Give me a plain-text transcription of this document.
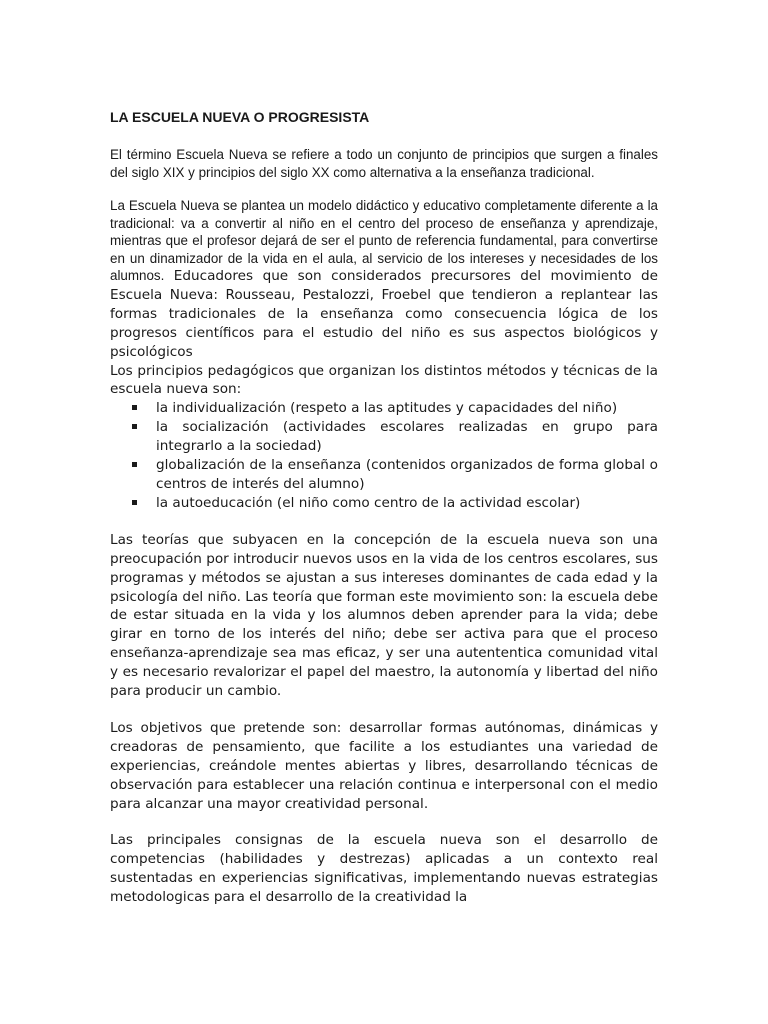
LA ESCUELA NUEVA O PROGRESISTA

El término Escuela Nueva se refiere a todo un conjunto de principios que surgen a finales del siglo XIX y principios del siglo XX como alternativa a la enseñanza tradicional.

La Escuela Nueva se plantea un modelo didáctico y educativo completamente diferente a la tradicional: va a convertir al niño en el centro del proceso de enseñanza y aprendizaje, mientras que el profesor dejará de ser el punto de referencia fundamental, para convertirse en un dinamizador de la vida en el aula, al servicio de los intereses y necesidades de los alumnos. Educadores que son considerados precursores del movimiento de Escuela Nueva: Rousseau, Pestalozzi, Froebel que tendieron a replantear las formas tradicionales de la enseñanza como consecuencia lógica de los progresos científicos para el estudio del niño es sus aspectos biológicos y psicológicos

Los principios pedagógicos que organizan los distintos métodos y técnicas de la escuela nueva son:

la individualización (respeto a las aptitudes y capacidades del niño)
la socialización (actividades escolares realizadas en grupo para integrarlo a la sociedad)
globalización de la enseñanza (contenidos organizados de forma global o centros de interés del alumno)
la autoeducación (el niño como centro de la actividad escolar)

Las teorías que subyacen en la concepción de la escuela nueva son una preocupación por introducir nuevos usos en la vida de los centros escolares, sus programas y métodos se ajustan a sus intereses dominantes de cada edad y la psicología del niño. Las teoría que forman este movimiento son: la escuela debe de estar situada en la vida y los alumnos deben aprender para la vida; debe girar en torno de los interés del niño; debe ser activa para que el proceso enseñanza-aprendizaje sea mas eficaz, y ser una autententica comunidad vital y es necesario revalorizar el papel del maestro, la autonomía y libertad del niño para producir un cambio.

Los objetivos que pretende son: desarrollar formas autónomas, dinámicas y creadoras de pensamiento, que facilite a los estudiantes una variedad de experiencias, creándole mentes abiertas y libres, desarrollando técnicas de observación para establecer una relación continua e interpersonal con el medio para alcanzar una mayor creatividad personal.

Las principales consignas de la escuela nueva son el desarrollo de competencias (habilidades y destrezas) aplicadas a un contexto real sustentadas en experiencias significativas, implementando nuevas estrategias metodologicas para el desarrollo de la creatividad la
